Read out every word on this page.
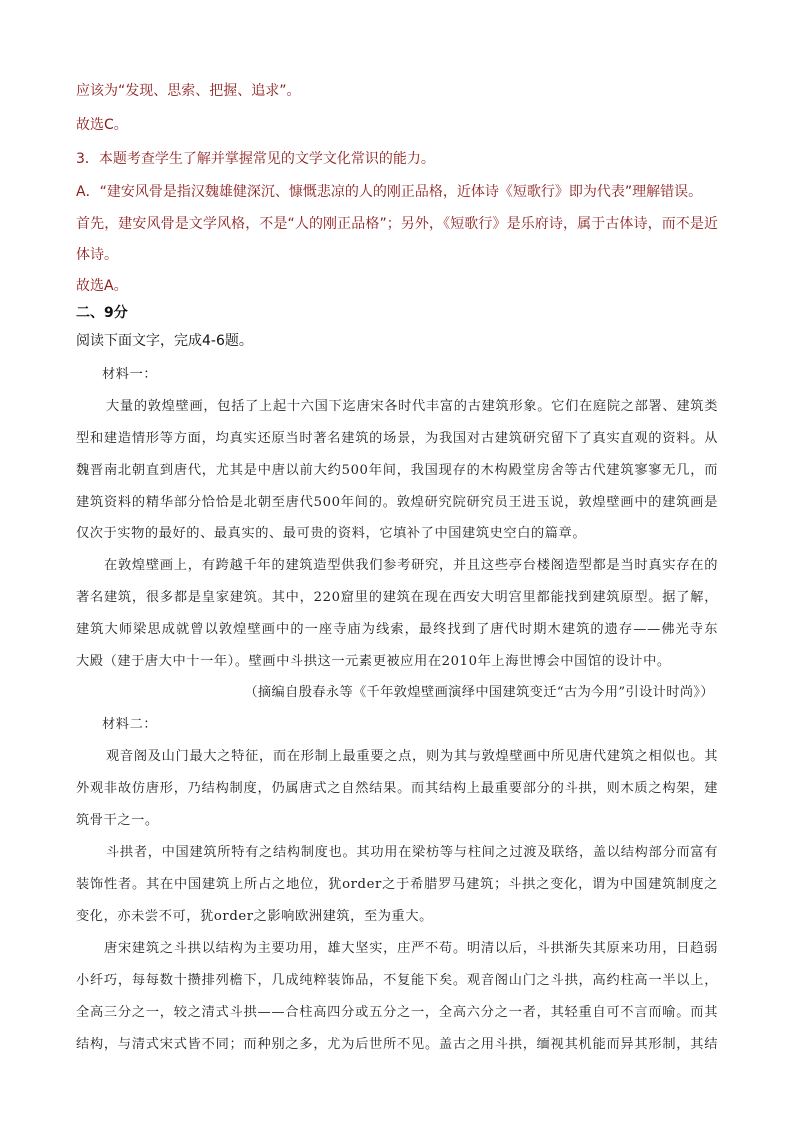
应该为“发现、思索、把握、追求”。
故选C。
3．本题考查学生了解并掌握常见的文学文化常识的能力。
A．“建安风骨是指汉魏雄健深沉、慷慨悲凉的人的刚正品格，近体诗《短歌行》即为代表”理解错误。
首先，建安风骨是文学风格，不是“人的刚正品格”；另外，《短歌行》是乐府诗，属于古体诗，而不是近
体诗。
故选A。
二、9分
阅读下面文字，完成4-6题。
材料一：
大量的敦煌壁画，包括了上起十六国下迄唐宋各时代丰富的古建筑形象。它们在庭院之部署、建筑类
型和建造情形等方面，均真实还原当时著名建筑的场景，为我国对古建筑研究留下了真实直观的资料。从
魏晋南北朝直到唐代，尤其是中唐以前大约500年间，我国现存的木构殿堂房舍等古代建筑寥寥无几，而
建筑资料的精华部分恰恰是北朝至唐代500年间的。敦煌研究院研究员王进玉说，敦煌壁画中的建筑画是
仅次于实物的最好的、最真实的、最可贵的资料，它填补了中国建筑史空白的篇章。
在敦煌壁画上，有跨越千年的建筑造型供我们参考研究，并且这些亭台楼阁造型都是当时真实存在的
著名建筑，很多都是皇家建筑。其中，220窟里的建筑在现在西安大明宫里都能找到建筑原型。据了解，
建筑大师梁思成就曾以敦煌壁画中的一座寺庙为线索，最终找到了唐代时期木建筑的遗存——佛光寺东
大殿（建于唐大中十一年）。壁画中斗拱这一元素更被应用在2010年上海世博会中国馆的设计中。
（摘编自殷春永等《千年敦煌壁画演绎中国建筑变迁“古为今用”引设计时尚》）
材料二：
观音阁及山门最大之特征，而在形制上最重要之点，则为其与敦煌壁画中所见唐代建筑之相似也。其
外观非故仿唐形，乃结构制度，仍属唐式之自然结果。而其结构上最重要部分的斗拱，则木质之构架，建
筑骨干之一。
斗拱者，中国建筑所特有之结构制度也。其功用在梁枋等与柱间之过渡及联络，盖以结构部分而富有
装饰性者。其在中国建筑上所占之地位，犹order之于希腊罗马建筑；斗拱之变化，谓为中国建筑制度之
变化，亦未尝不可，犹order之影响欧洲建筑，至为重大。
唐宋建筑之斗拱以结构为主要功用，雄大坚实，庄严不苟。明清以后，斗拱渐失其原来功用，日趋弱
小纤巧，每每数十攒排列檐下，几成纯粹装饰品，不复能下矣。观音阁山门之斗拱，高约柱高一半以上，
全高三分之一，较之清式斗拱——合柱高四分或五分之一，全高六分之一者，其轻重自可不言而喻。而其
结构，与清式宋式皆不同；而种别之多，尤为后世所不见。盖古之用斗拱，缅视其机能而异其形制，其结
